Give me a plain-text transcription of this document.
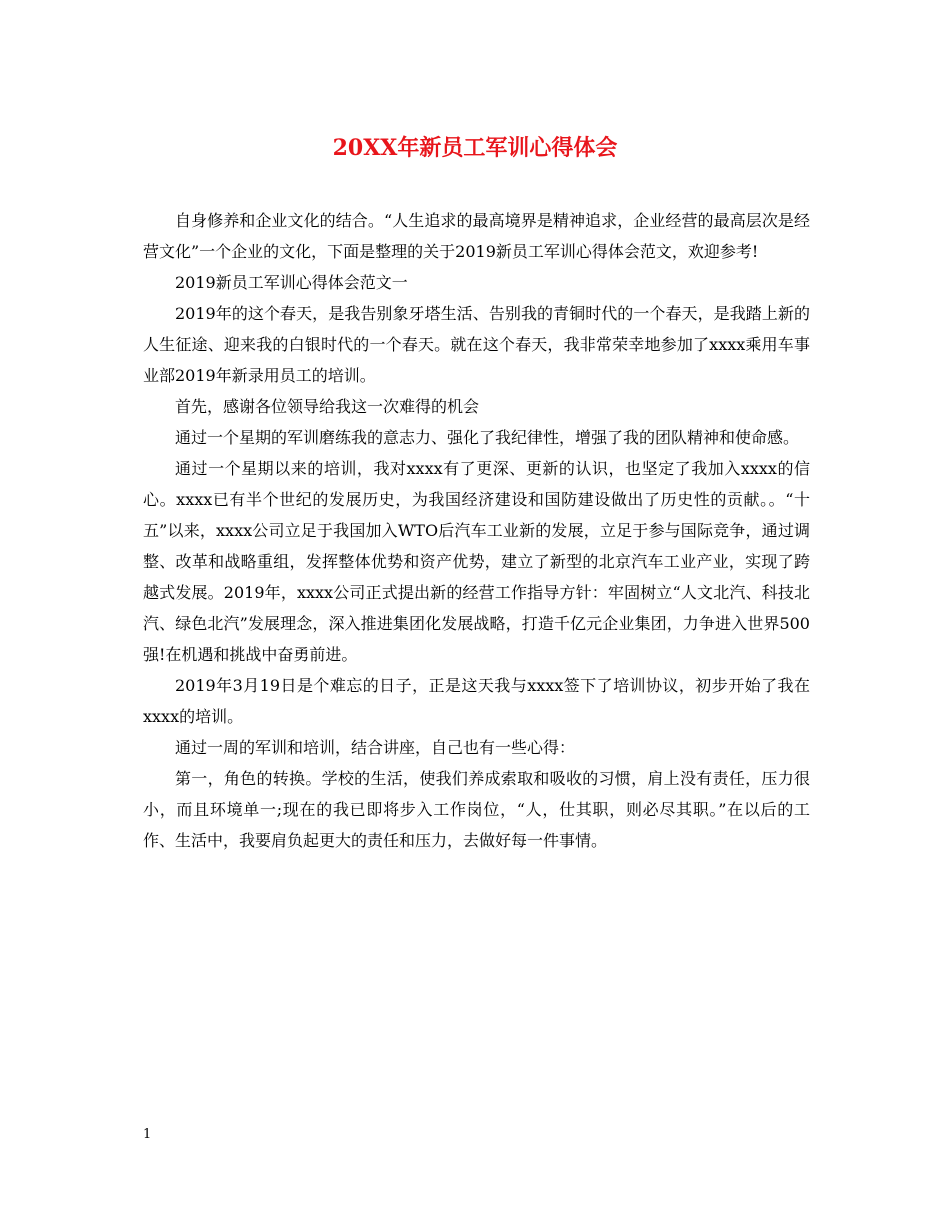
20XX年新员工军训心得体会

自身修养和企业文化的结合。“人生追求的最高境界是精神追求，企业经营的最高层次是经营文化”一个企业的文化，下面是整理的关于2019新员工军训心得体会范文，欢迎参考!

2019新员工军训心得体会范文一

2019年的这个春天，是我告别象牙塔生活、告别我的青铜时代的一个春天，是我踏上新的人生征途、迎来我的白银时代的一个春天。就在这个春天，我非常荣幸地参加了xxxx乘用车事业部2019年新录用员工的培训。

首先，感谢各位领导给我这一次难得的机会

通过一个星期的军训磨练我的意志力、强化了我纪律性，增强了我的团队精神和使命感。

通过一个星期以来的培训，我对xxxx有了更深、更新的认识，也坚定了我加入xxxx的信心。xxxx已有半个世纪的发展历史，为我国经济建设和国防建设做出了历史性的贡献。。“十五”以来，xxxx公司立足于我国加入WTO后汽车工业新的发展，立足于参与国际竞争，通过调整、改革和战略重组，发挥整体优势和资产优势，建立了新型的北京汽车工业产业，实现了跨越式发展。2019年，xxxx公司正式提出新的经营工作指导方针：牢固树立“人文北汽、科技北汽、绿色北汽”发展理念，深入推进集团化发展战略，打造千亿元企业集团，力争进入世界500强!在机遇和挑战中奋勇前进。

2019年3月19日是个难忘的日子，正是这天我与xxxx签下了培训协议，初步开始了我在xxxx的培训。

通过一周的军训和培训，结合讲座，自己也有一些心得：

第一，角色的转换。学校的生活，使我们养成索取和吸收的习惯，肩上没有责任，压力很小，而且环境单一;现在的我已即将步入工作岗位，“人，仕其职，则必尽其职。”在以后的工作、生活中，我要肩负起更大的责任和压力，去做好每一件事情。

1
